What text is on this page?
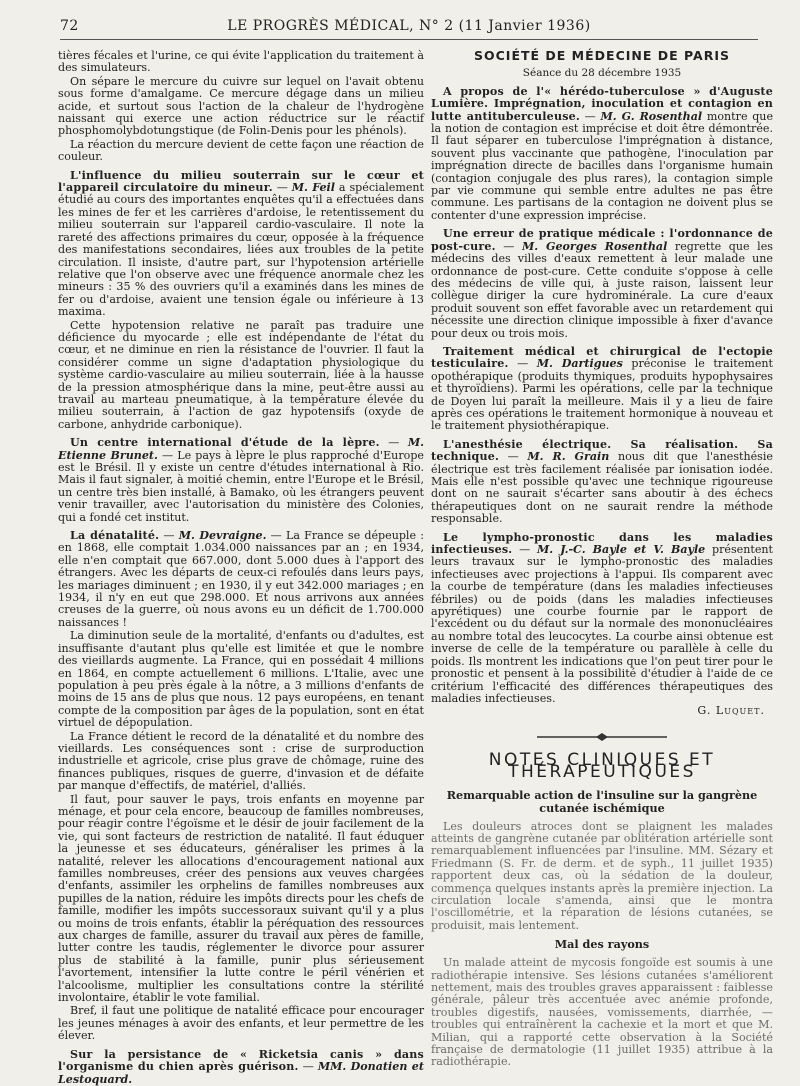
72	LE PROGRÈS MÉDICAL, N° 2 (11 Janvier 1936)

tières fécales et l'urine, ce qui évite l'application du traitement à des simulateurs.

On sépare le mercure du cuivre sur lequel on l'avait obtenu sous forme d'amalgame. Ce mercure dégage dans un milieu acide, et surtout sous l'action de la chaleur de l'hydrogène naissant qui exerce une action réductrice sur le réactif phosphomolybdotungstique (de Folin-Denis pour les phénols).

La réaction du mercure devient de cette façon une réaction de couleur.

L'influence du milieu souterrain sur le cœur et l'appareil circulatoire du mineur. — M. Feil a spécialement étudié au cours des importantes enquêtes qu'il a effectuées dans les mines de fer et les carrières d'ardoise, le retentissement du milieu souterrain sur l'appareil cardio-vasculaire. Il note la rareté des affections primaires du cœur, opposée à la fréquence des manifestations secondaires, liées aux troubles de la petite circulation. Il insiste, d'autre part, sur l'hypotension artérielle relative que l'on observe avec une fréquence anormale chez les mineurs : 35 % des ouvriers qu'il a examinés dans les mines de fer ou d'ardoise, avaient une tension égale ou inférieure à 13 maxima.

Cette hypotension relative ne paraît pas traduire une déficience du myocarde ; elle est indépendante de l'état du cœur, et ne diminue en rien la résistance de l'ouvrier. Il faut la considérer comme un signe d'adaptation physiologique du système cardio-vasculaire au milieu souterrain, liée à la hausse de la pression atmosphérique dans la mine, peut-être aussi au travail au marteau pneumatique, à la température élevée du milieu souterrain, à l'action de gaz hypotensifs (oxyde de carbone, anhydride carbonique).

Un centre international d'étude de la lèpre. — M. Etienne Brunet. — Le pays à lèpre le plus rapproché d'Europe est le Brésil. Il y existe un centre d'études international à Rio. Mais il faut signaler, à moitié chemin, entre l'Europe et le Brésil, un centre très bien installé, à Bamako, où les étrangers peuvent venir travailler, avec l'autorisation du ministère des Colonies, qui a fondé cet institut.

La dénatalité. — M. Devraigne. — La France se dépeuple : en 1868, elle comptait 1.034.000 naissances par an ; en 1934, elle n'en comptait que 667.000, dont 5.000 dues à l'apport des étrangers. Avec les départs de ceux-ci refoulés dans leurs pays, les mariages diminuent ; en 1930, il y eut 342.000 mariages ; en 1934, il n'y en eut que 298.000. Et nous arrivons aux années creuses de la guerre, où nous avons eu un déficit de 1.700.000 naissances !

La diminution seule de la mortalité, d'enfants ou d'adultes, est insuffisante d'autant plus qu'elle est limitée et que le nombre des vieillards augmente. La France, qui en possédait 4 millions en 1864, en compte actuellement 6 millions. L'Italie, avec une population à peu près égale à la nôtre, a 3 millions d'enfants de moins de 15 ans de plus que nous. 12 pays européens, en tenant compte de la composition par âges de la population, sont en état virtuel de dépopulation.

La France détient le record de la dénatalité et du nombre des vieillards. Les conséquences sont : crise de surproduction industrielle et agricole, crise plus grave de chômage, ruine des finances publiques, risques de guerre, d'invasion et de défaite par manque d'effectifs, de matériel, d'alliés.

Il faut, pour sauver le pays, trois enfants en moyenne par ménage, et pour cela encore, beaucoup de familles nombreuses, pour réagir contre l'égoïsme et le désir de jouir facilement de la vie, qui sont facteurs de restriction de natalité. Il faut éduquer la jeunesse et ses éducateurs, généraliser les primes à la natalité, relever les allocations d'encouragement national aux familles nombreuses, créer des pensions aux veuves chargées d'enfants, assimiler les orphelins de familles nombreuses aux pupilles de la nation, réduire les impôts directs pour les chefs de famille, modifier les impôts successoraux suivant qu'il y a plus ou moins de trois enfants, établir la péréquation des ressources aux charges de famille, assurer du travail aux pères de famille, lutter contre les taudis, réglementer le divorce pour assurer plus de stabilité à la famille, punir plus sérieusement l'avortement, intensifier la lutte contre le péril vénérien et l'alcoolisme, multiplier les consultations contre la stérilité involontaire, établir le vote familial.

Bref, il faut une politique de natalité efficace pour encourager les jeunes ménages à avoir des enfants, et leur permettre de les élever.

Sur la persistance de « Ricketsia canis » dans l'organisme du chien après guérison. — MM. Donatien et Lestoquard.

SOCIÉTÉ DE MÉDECINE DE PARIS
Séance du 28 décembre 1935

A propos de l'« hérédo-tuberculose » d'Auguste Lumière. Imprégnation, inoculation et contagion en lutte antituberculeuse. — M. G. Rosenthal montre que la notion de contagion est imprécise et doit être démontrée. Il faut séparer en tuberculose l'imprégnation à distance, souvent plus vaccinante que pathogène, l'inoculation par imprégnation directe de bacilles dans l'organisme humain (contagion conjugale des plus rares), la contagion simple par vie commune qui semble entre adultes ne pas être commune. Les partisans de la contagion ne doivent plus se contenter d'une expression imprécise.

Une erreur de pratique médicale : l'ordonnance de post-cure. — M. Georges Rosenthal regrette que les médecins des villes d'eaux remettent à leur malade une ordonnance de post-cure. Cette conduite s'oppose à celle des médecins de ville qui, à juste raison, laissent leur collègue diriger la cure hydrominérale. La cure d'eaux produit souvent son effet favorable avec un retardement qui nécessite une direction clinique impossible à fixer d'avance pour deux ou trois mois.

Traitement médical et chirurgical de l'ectopie testiculaire. — M. Dartigues préconise le traitement opothérapique (produits thymiques, produits hypophysaires et thyroïdiens). Parmi les opérations, celle par la technique de Doyen lui paraît la meilleure. Mais il y a lieu de faire après ces opérations le traitement hormonique à nouveau et le traitement physiothérapique.

L'anesthésie électrique. Sa réalisation. Sa technique. — M. R. Grain nous dit que l'anesthésie électrique est très facilement réalisée par ionisation iodée. Mais elle n'est possible qu'avec une technique rigoureuse dont on ne saurait s'écarter sans aboutir à des échecs thérapeutiques dont on ne saurait rendre la méthode responsable.

Le lympho-pronostic dans les maladies infectieuses. — M. J.-C. Bayle et V. Bayle présentent leurs travaux sur le lympho-pronostic des maladies infectieuses avec projections à l'appui. Ils comparent avec la courbe de température (dans les maladies infectieuses fébriles) ou de poids (dans les maladies infectieuses apyrétiques) une courbe fournie par le rapport de l'excédent ou du défaut sur la normale des mononucléaires au nombre total des leucocytes. La courbe ainsi obtenue est inverse de celle de la température ou parallèle à celle du poids. Ils montrent les indications que l'on peut tirer pour le pronostic et pensent à la possibilité d'étudier à l'aide de ce critérium l'efficacité des différences thérapeutiques des maladies infectieuses.
G. Luquet.

NOTES CLINIQUES ET THÉRAPEUTIQUES
Remarquable action de l'insuline sur la gangrène cutanée ischémique

Les douleurs atroces dont se plaignent les malades atteints de gangrène cutanée par oblitération artérielle sont remarquablement influencées par l'insuline. MM. Sézary et Friedmann (S. Fr. de derm. et de syph., 11 juillet 1935) rapportent deux cas, où la sédation de la douleur, commença quelques instants après la première injection. La circulation locale s'amenda, ainsi que le montra l'oscillométrie, et la réparation de lésions cutanées, se produisit, mais lentement.

Mal des rayons

Un malade atteint de mycosis fongoïde est soumis à une radiothérapie intensive. Ses lésions cutanées s'améliorent nettement, mais des troubles graves apparaissent : faiblesse générale, pâleur très accentuée avec anémie profonde, troubles digestifs, nausées, vomissements, diarrhée, — troubles qui entraînèrent la cachexie et la mort et que M. Milian, qui a rapporté cette observation à la Société française de dermatologie (11 juillet 1935) attribue à la radiothérapie.
